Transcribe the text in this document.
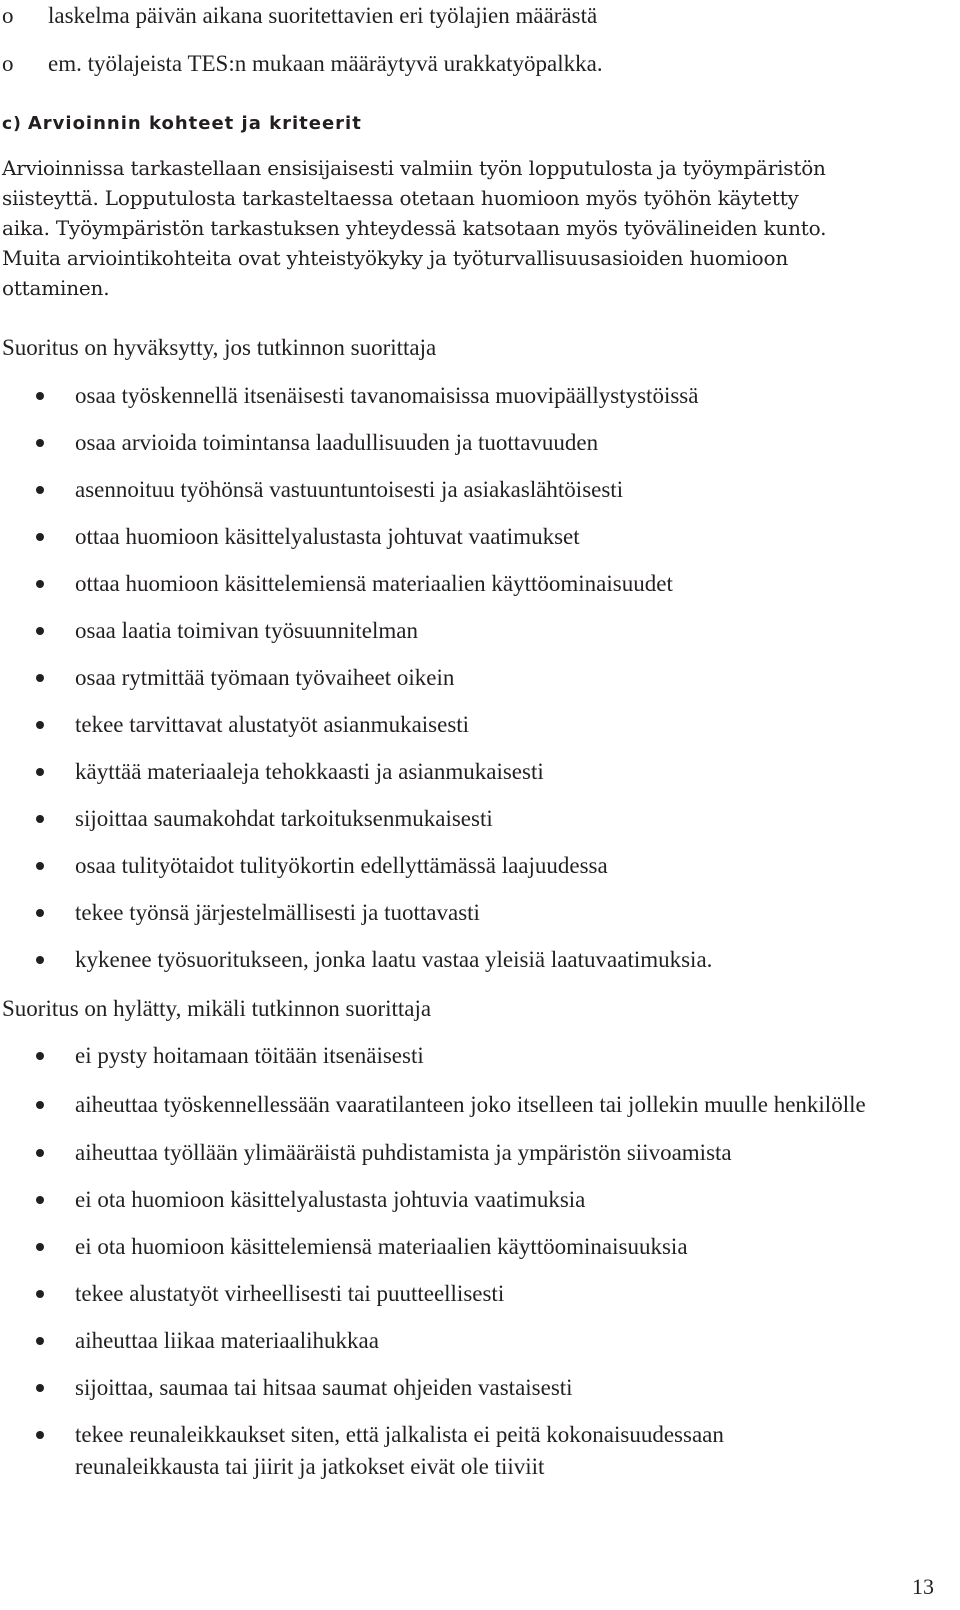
o laskelma päivän aikana suoritettavien eri työlajien määrästä
o em. työlajeista TES:n mukaan määräytyvä urakkatyöpalkka.
c) Arvioinnin kohteet ja kriteerit

Arvioinnissa tarkastellaan ensisijaisesti valmiin työn lopputulosta ja työympäristön
siisteyttä. Lopputulosta tarkasteltaessa otetaan huomioon myös työhön käytetty
aika. Työympäristön tarkastuksen yhteydessä katsotaan myös työvälineiden kunto.
Muita arviointikohteita ovat yhteistyökyky ja työturvallisuusasioiden huomioon
ottaminen.

Suoritus on hyväksytty, jos tutkinnon suorittaja

osaa työskennellä itsenäisesti tavanomaisissa muovipäällystystöissä
osaa arvioida toimintansa laadullisuuden ja tuottavuuden
asennoituu työhönsä vastuuntuntoisesti ja asiakaslähtöisesti
ottaa huomioon käsittelyalustasta johtuvat vaatimukset
ottaa huomioon käsittelemiensä materiaalien käyttöominaisuudet
osaa laatia toimivan työsuunnitelman
osaa rytmittää työmaan työvaiheet oikein
tekee tarvittavat alustatyöt asianmukaisesti
käyttää materiaaleja tehokkaasti ja asianmukaisesti
sijoittaa saumakohdat tarkoituksenmukaisesti
osaa tulityötaidot tulityökortin edellyttämässä laajuudessa
tekee työnsä järjestelmällisesti ja tuottavasti
kykenee työsuoritukseen, jonka laatu vastaa yleisiä laatuvaatimuksia.

Suoritus on hylätty, mikäli tutkinnon suorittaja

ei pysty hoitamaan töitään itsenäisesti
aiheuttaa työskennellessään vaaratilanteen joko itselleen tai jollekin muulle henkilölle
aiheuttaa työllään ylimääräistä puhdistamista ja ympäristön siivoamista
ei ota huomioon käsittelyalustasta johtuvia vaatimuksia
ei ota huomioon käsittelemiensä materiaalien käyttöominaisuuksia
tekee alustatyöt virheellisesti tai puutteellisesti
aiheuttaa liikaa materiaalihukkaa
sijoittaa, saumaa tai hitsaa saumat ohjeiden vastaisesti
tekee reunaleikkaukset siten, että jalkalista ei peitä kokonaisuudessaan reunaleikkausta tai jiirit ja jatkokset eivät ole tiiviit
13
